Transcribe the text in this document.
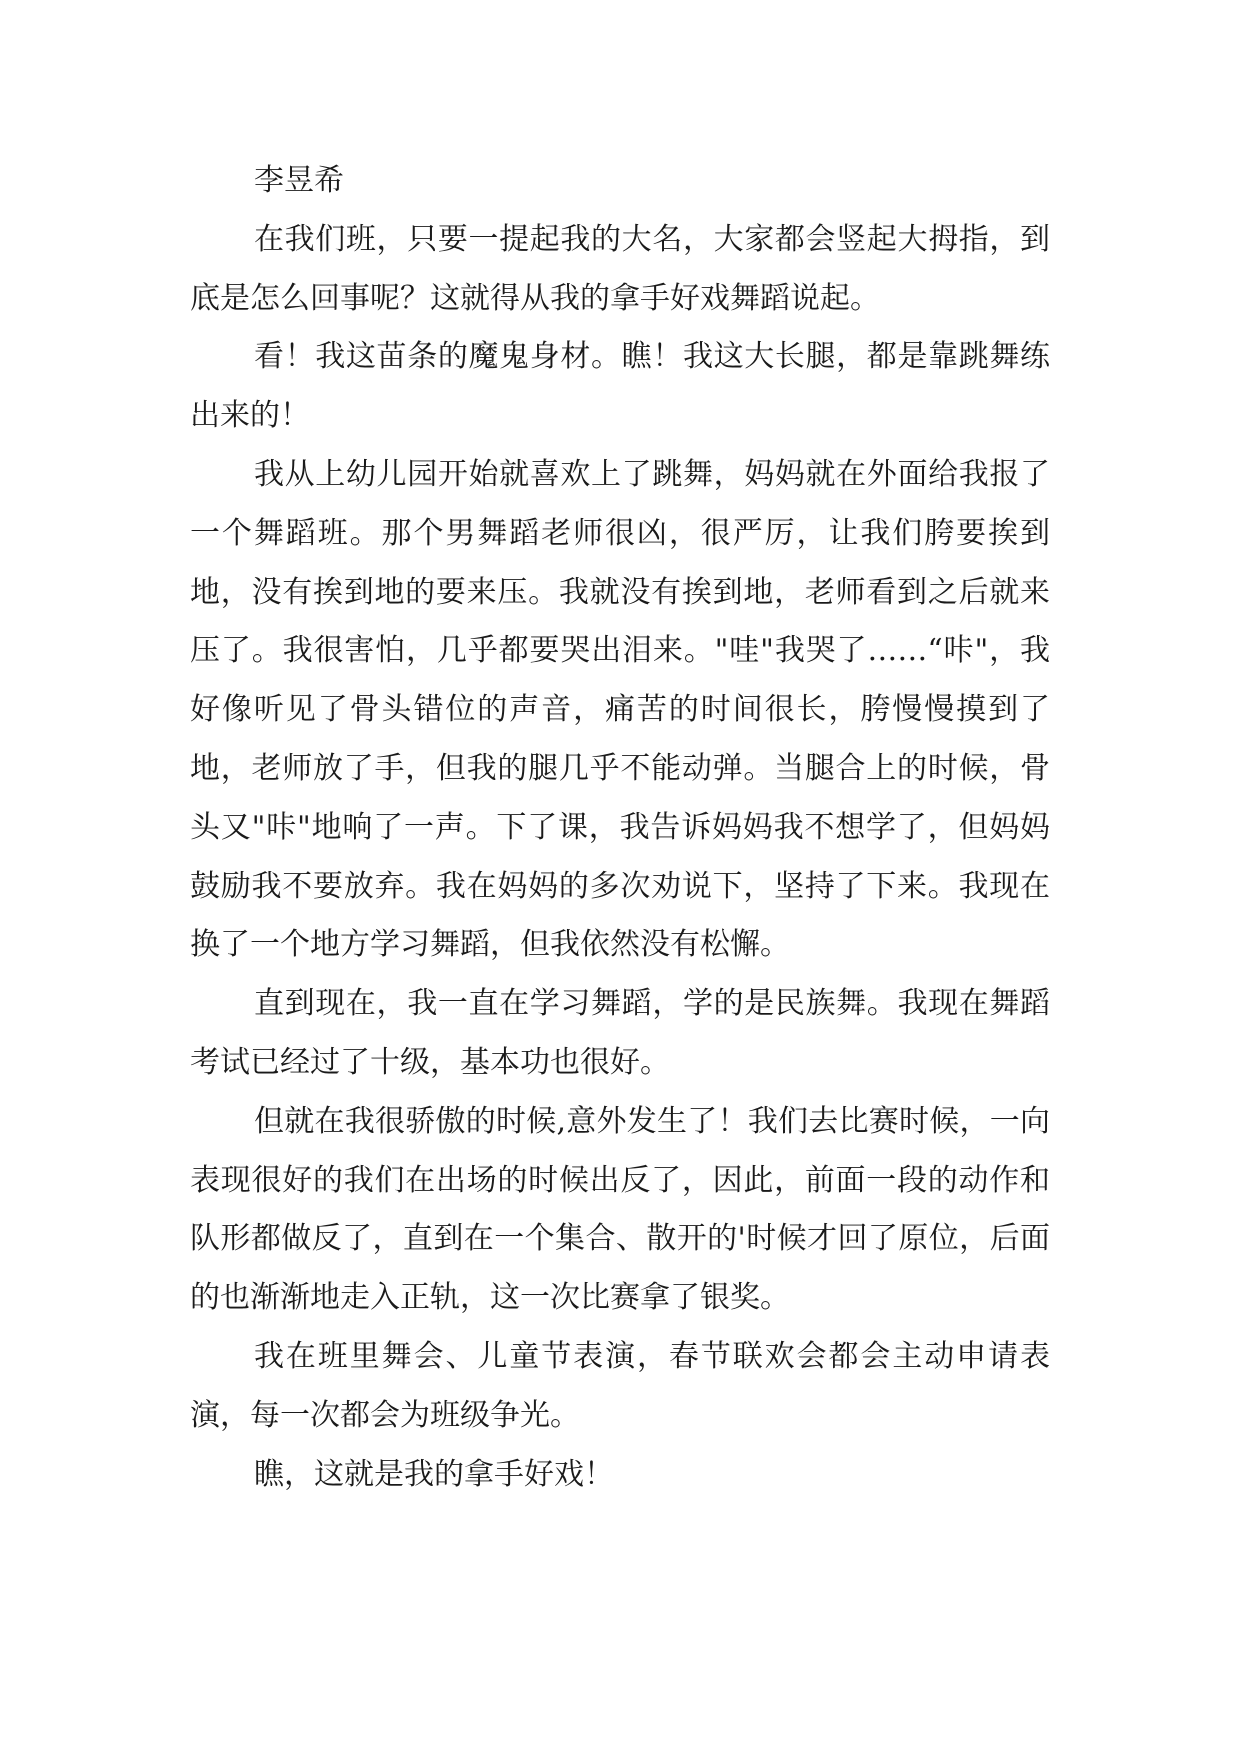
李昱希

在我们班，只要一提起我的大名，大家都会竖起大拇指，到底是怎么回事呢？这就得从我的拿手好戏舞蹈说起。

看！我这苗条的魔鬼身材。瞧！我这大长腿，都是靠跳舞练出来的！

我从上幼儿园开始就喜欢上了跳舞，妈妈就在外面给我报了一个舞蹈班。那个男舞蹈老师很凶，很严厉，让我们胯要挨到地，没有挨到地的要来压。我就没有挨到地，老师看到之后就来压了。我很害怕，几乎都要哭出泪来。"哇"我哭了……“咔"，我好像听见了骨头错位的声音，痛苦的时间很长，胯慢慢摸到了地，老师放了手，但我的腿几乎不能动弹。当腿合上的时候，骨头又"咔"地响了一声。下了课，我告诉妈妈我不想学了，但妈妈鼓励我不要放弃。我在妈妈的多次劝说下，坚持了下来。我现在换了一个地方学习舞蹈，但我依然没有松懈。

直到现在，我一直在学习舞蹈，学的是民族舞。我现在舞蹈考试已经过了十级，基本功也很好。

但就在我很骄傲的时候,意外发生了！我们去比赛时候，一向表现很好的我们在出场的时候出反了，因此，前面一段的动作和队形都做反了，直到在一个集合、散开的'时候才回了原位，后面的也渐渐地走入正轨，这一次比赛拿了银奖。

我在班里舞会、儿童节表演，春节联欢会都会主动申请表演，每一次都会为班级争光。

瞧，这就是我的拿手好戏！
